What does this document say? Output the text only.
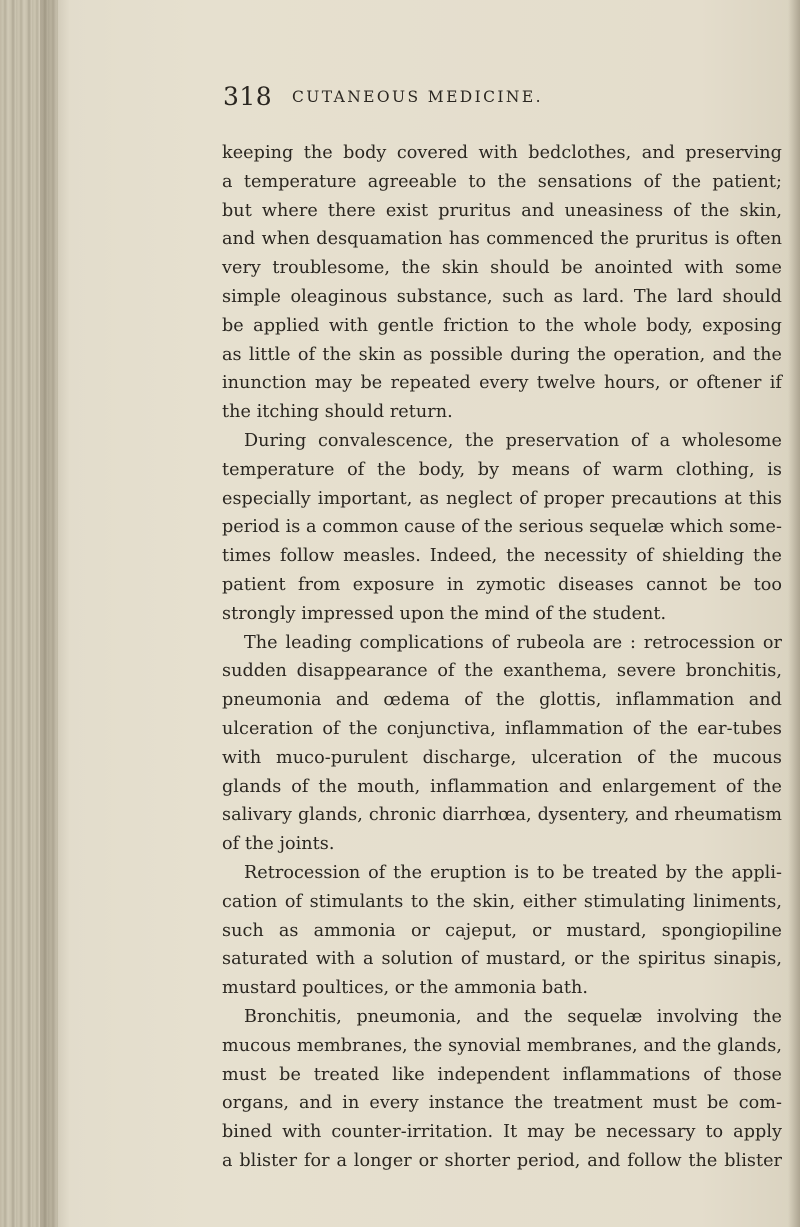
318 CUTANEOUS MEDICINE.
keeping the body covered with bedclothes, and preserving
a temperature agreeable to the sensations of the patient;
but where there exist pruritus and uneasiness of the skin,
and when desquamation has commenced the pruritus is often
very troublesome, the skin should be anointed with some
simple oleaginous substance, such as lard. The lard should
be applied with gentle friction to the whole body, exposing
as little of the skin as possible during the operation, and the
inunction may be repeated every twelve hours, or oftener if
the itching should return.
During convalescence, the preservation of a wholesome
temperature of the body, by means of warm clothing, is
especially important, as neglect of proper precautions at this
period is a common cause of the serious sequelæ which some-
times follow measles. Indeed, the necessity of shielding the
patient from exposure in zymotic diseases cannot be too
strongly impressed upon the mind of the student.
The leading complications of rubeola are : retrocession or
sudden disappearance of the exanthema, severe bronchitis,
pneumonia and œdema of the glottis, inflammation and
ulceration of the conjunctiva, inflammation of the ear-tubes
with muco-purulent discharge, ulceration of the mucous
glands of the mouth, inflammation and enlargement of the
salivary glands, chronic diarrhœa, dysentery, and rheumatism
of the joints.
Retrocession of the eruption is to be treated by the appli-
cation of stimulants to the skin, either stimulating liniments,
such as ammonia or cajeput, or mustard, spongiopiline
saturated with a solution of mustard, or the spiritus sinapis,
mustard poultices, or the ammonia bath.
Bronchitis, pneumonia, and the sequelæ involving the
mucous membranes, the synovial membranes, and the glands,
must be treated like independent inflammations of those
organs, and in every instance the treatment must be com-
bined with counter-irritation. It may be necessary to apply
a blister for a longer or shorter period, and follow the blister
